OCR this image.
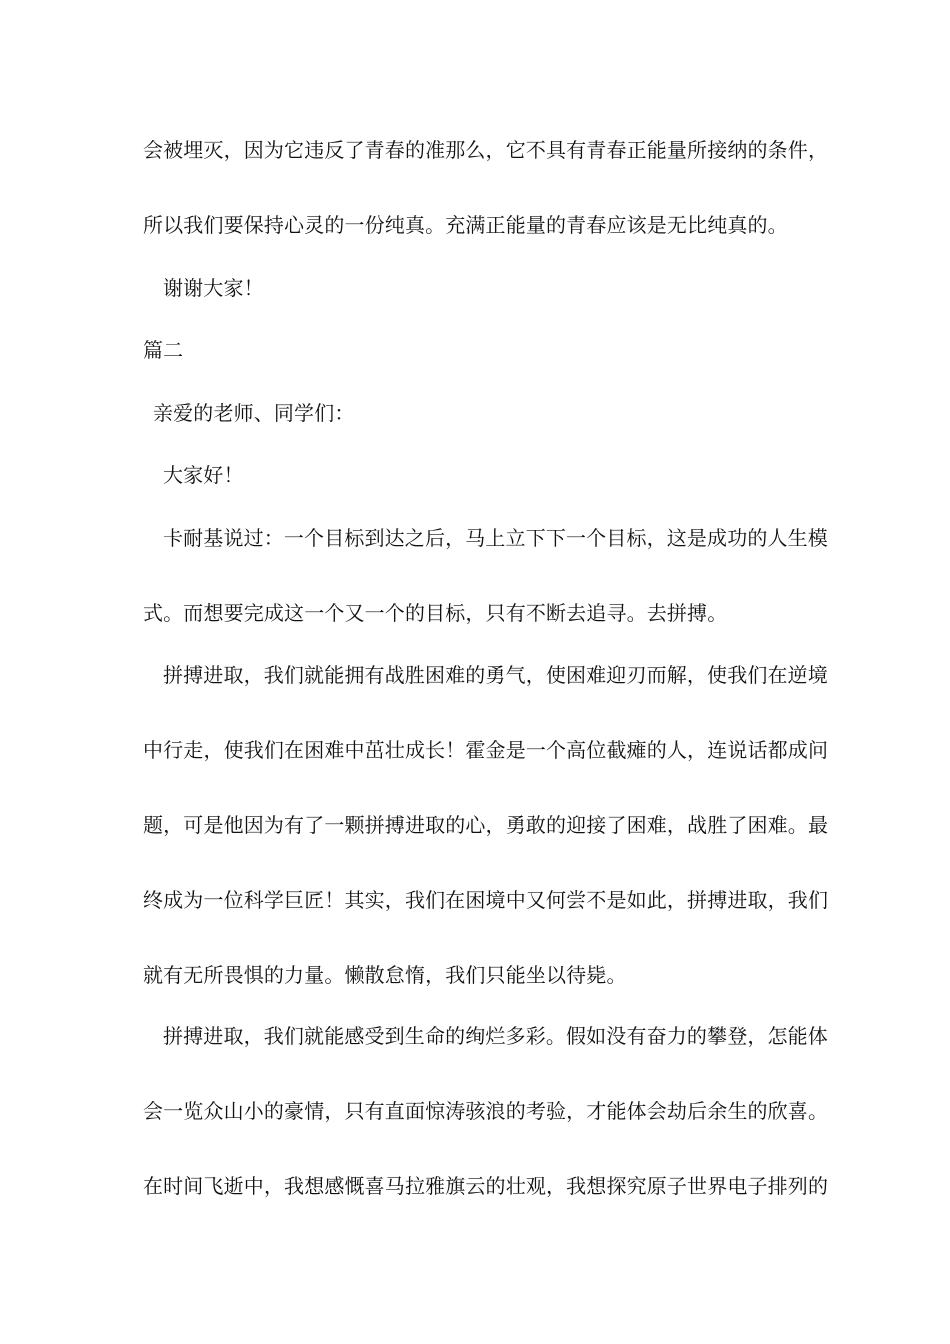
会被埋灭，因为它违反了青春的准那么，它不具有青春正能量所接纳的条件，
所以我们要保持心灵的一份纯真。充满正能量的青春应该是无比纯真的。
谢谢大家！
篇二
亲爱的老师、同学们：
大家好！
卡耐基说过：一个目标到达之后，马上立下下一个目标，这是成功的人生模
式。而想要完成这一个又一个的目标，只有不断去追寻。去拼搏。
拼搏进取，我们就能拥有战胜困难的勇气，使困难迎刃而解，使我们在逆境
中行走，使我们在困难中茁壮成长！霍金是一个高位截瘫的人，连说话都成问
题，可是他因为有了一颗拼搏进取的心，勇敢的迎接了困难，战胜了困难。最
终成为一位科学巨匠！其实，我们在困境中又何尝不是如此，拼搏进取，我们
就有无所畏惧的力量。懒散怠惰，我们只能坐以待毙。
拼搏进取，我们就能感受到生命的绚烂多彩。假如没有奋力的攀登，怎能体
会一览众山小的豪情，只有直面惊涛骇浪的考验，才能体会劫后余生的欣喜。
在时间飞逝中，我想感慨喜马拉雅旗云的壮观，我想探究原子世界电子排列的
